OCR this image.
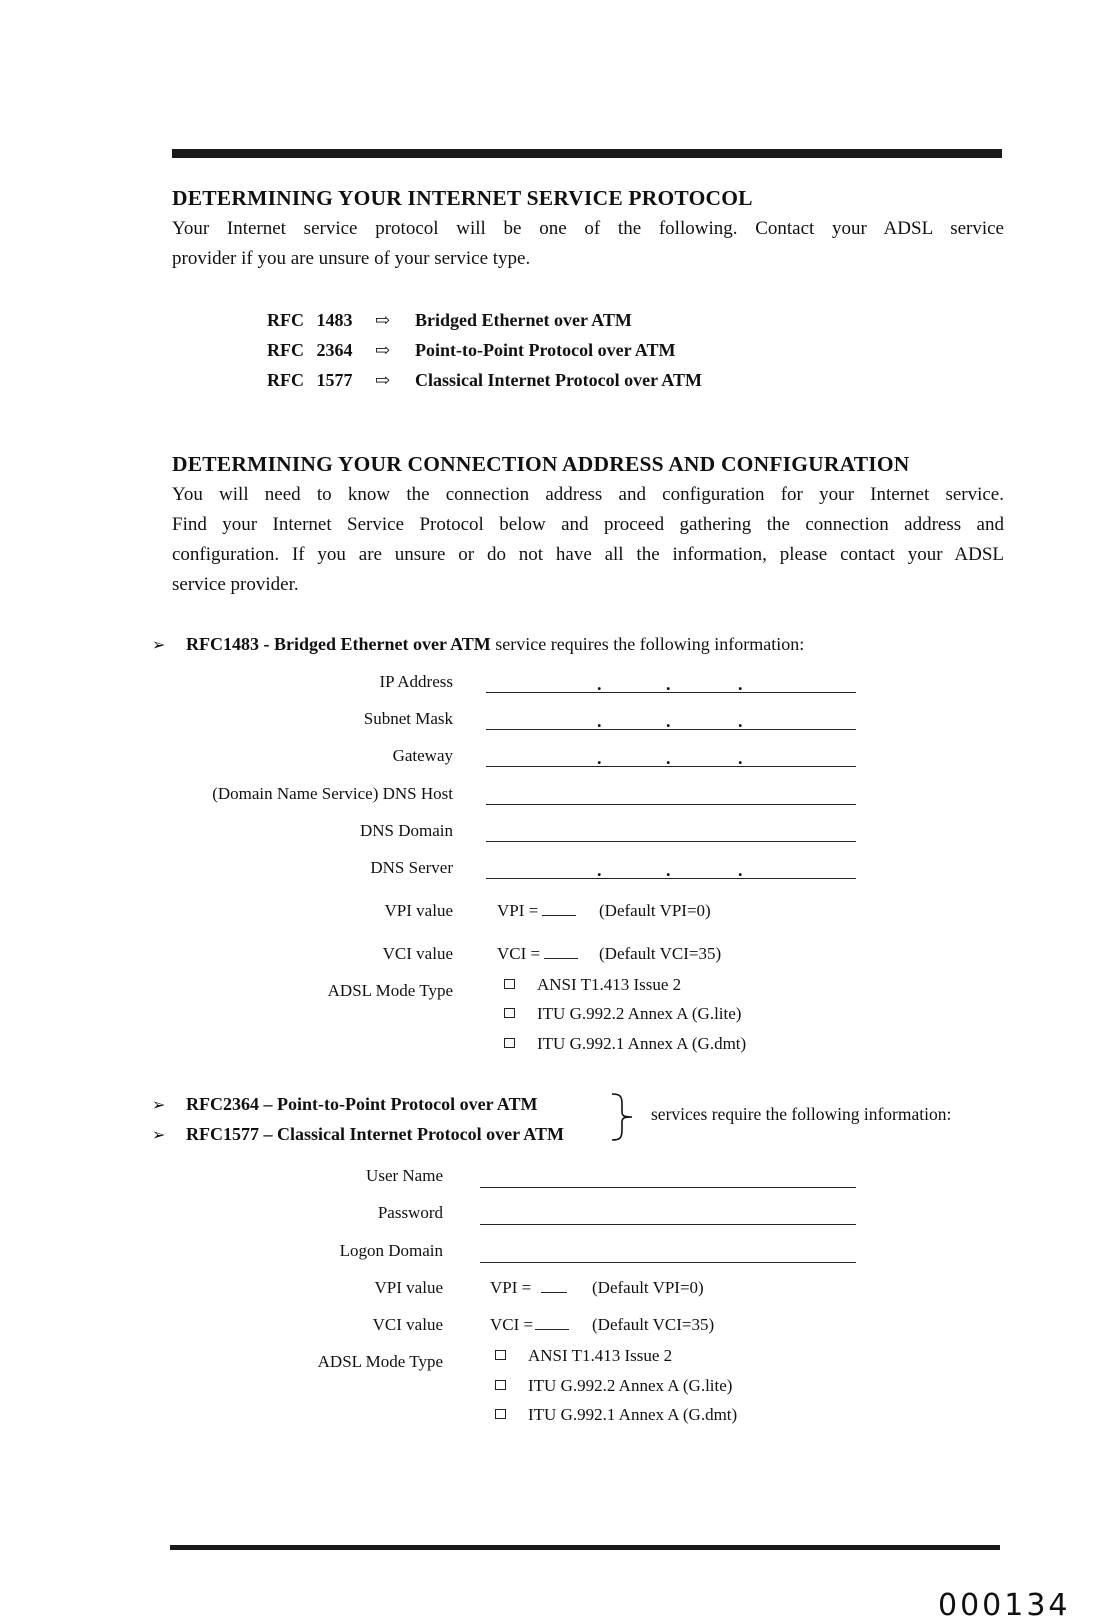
DETERMINING YOUR INTERNET SERVICE PROTOCOL
Your Internet service protocol will be one of the following. Contact your ADSL service
provider if you are unsure of your service type.
RFC 1483 ⇨ Bridged Ethernet over ATM
RFC 2364 ⇨ Point-to-Point Protocol over ATM
RFC 1577 ⇨ Classical Internet Protocol over ATM
DETERMINING YOUR CONNECTION ADDRESS AND CONFIGURATION
You will need to know the connection address and configuration for your Internet service.
Find your Internet Service Protocol below and proceed gathering the connection address and
configuration. If you are unsure or do not have all the information, please contact your ADSL
service provider.
➢ RFC1483 - Bridged Ethernet over ATM service requires the following information:
IP Address	.	.	.
Subnet Mask	.	.	.
Gateway	.	.	.
(Domain Name Service) DNS Host
DNS Domain
DNS Server	.	.	.
VPI value	VPI =	(Default VPI=0)
VCI value	VCI =	(Default VCI=35)
ADSL Mode Type	ANSI T1.413 Issue 2
ITU G.992.2 Annex A (G.lite)
ITU G.992.1 Annex A (G.dmt)
➢ RFC2364 – Point-to-Point Protocol over ATM
➢ RFC1577 – Classical Internet Protocol over ATM
services require the following information:
User Name
Password
Logon Domain
VPI value	VPI =	(Default VPI=0)
VCI value	VCI =	(Default VCI=35)
ADSL Mode Type	ANSI T1.413 Issue 2
ITU G.992.2 Annex A (G.lite)
ITU G.992.1 Annex A (G.dmt)
000134
